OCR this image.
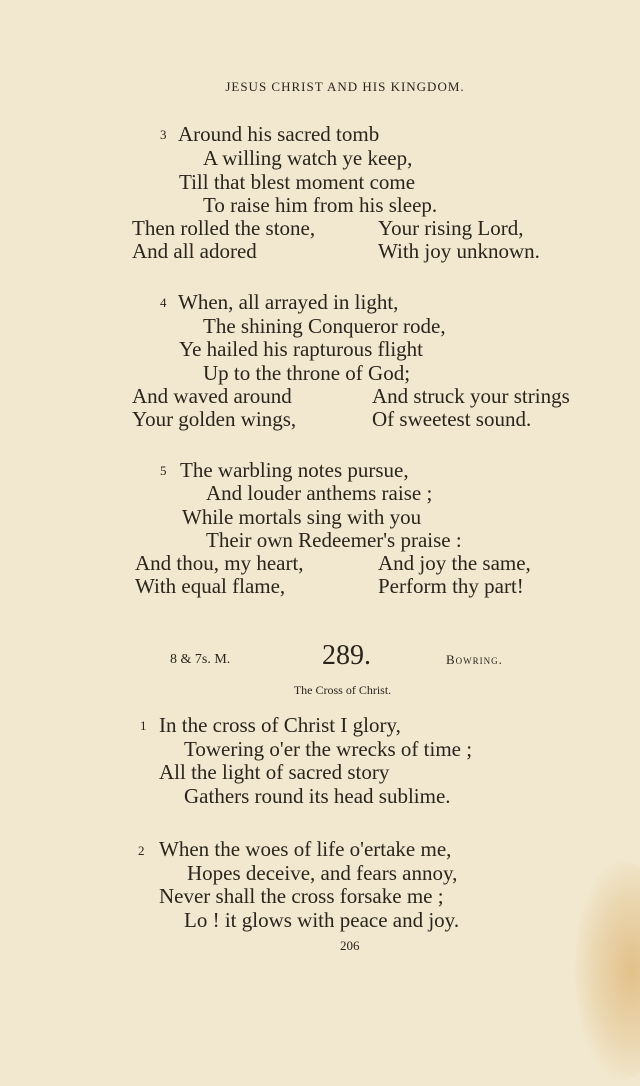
JESUS CHRIST AND HIS KINGDOM.
3 Around his sacred tomb
A willing watch ye keep,
Till that blest moment come
To raise him from his sleep.
Then rolled the stone,	Your rising Lord,
And all adored	With joy unknown.
4 When, all arrayed in light,
The shining Conqueror rode,
Ye hailed his rapturous flight
Up to the throne of God;
And waved around	And struck your strings
Your golden wings,	Of sweetest sound.
5 The warbling notes pursue,
And louder anthems raise ;
While mortals sing with you
Their own Redeemer's praise :
And thou, my heart,	And joy the same,
With equal flame,	Perform thy part!
8 & 7s. M.	289.	Bowring.
The Cross of Christ.
1 In the cross of Christ I glory,
Towering o'er the wrecks of time ;
All the light of sacred story
Gathers round its head sublime.
2 When the woes of life o'ertake me,
Hopes deceive, and fears annoy,
Never shall the cross forsake me ;
Lo ! it glows with peace and joy.
206
